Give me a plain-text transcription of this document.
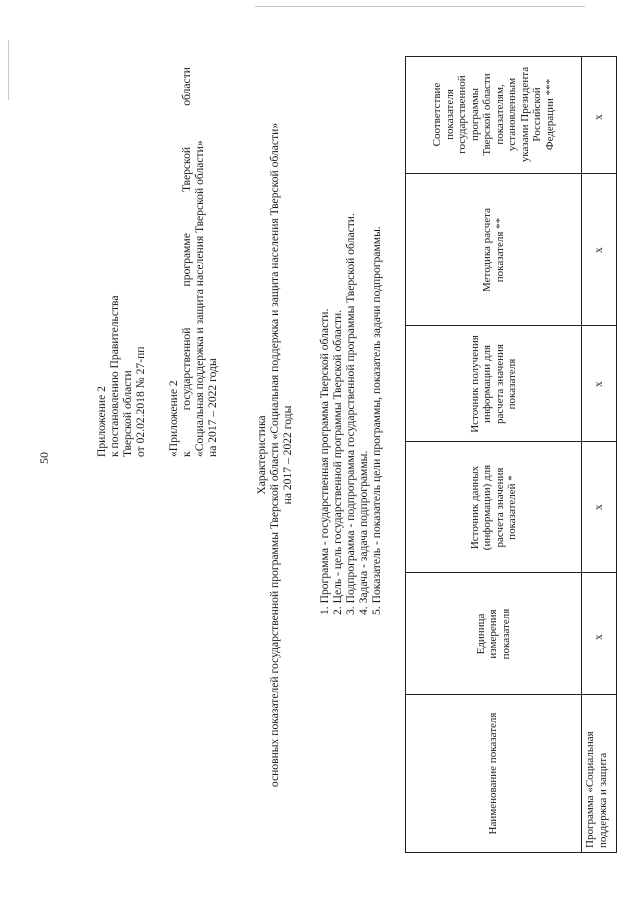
50
Приложение 2 к постановлению Правительства Тверской области от 02.02.2018 № 27-пп «Приложение 2 к
государственной
программе
Тверской
области
«Социальная поддержка и защита населения Тверской области» на 2017 – 2022 годы	Характеристика основных показателей государственной программы Тверской области «Социальная поддержка и защита населения Тверской области» на 2017 – 2022 годы 1. Программа - государственная программа Тверской области. 2. Цель - цель государственной программы Тверской области. 3. Подпрограмма - подпрограмма государственной программы Тверской области. 4. Задача - задача подпрограммы. 5. Показатель - показатель цели программы, показатель задачи подпрограммы.
Наименование показателя
Единица измерения показателя
Источник данных (информации) для расчета значения показателей *
Источник получения информации для расчета значения показателя
Методика расчета показателя **
Соответствие показателя государственной программы Тверской области показателям, установленным указами Президента Российской Федерации ***
Программа «Социальная поддержка и защита
х
х
х
х
х
